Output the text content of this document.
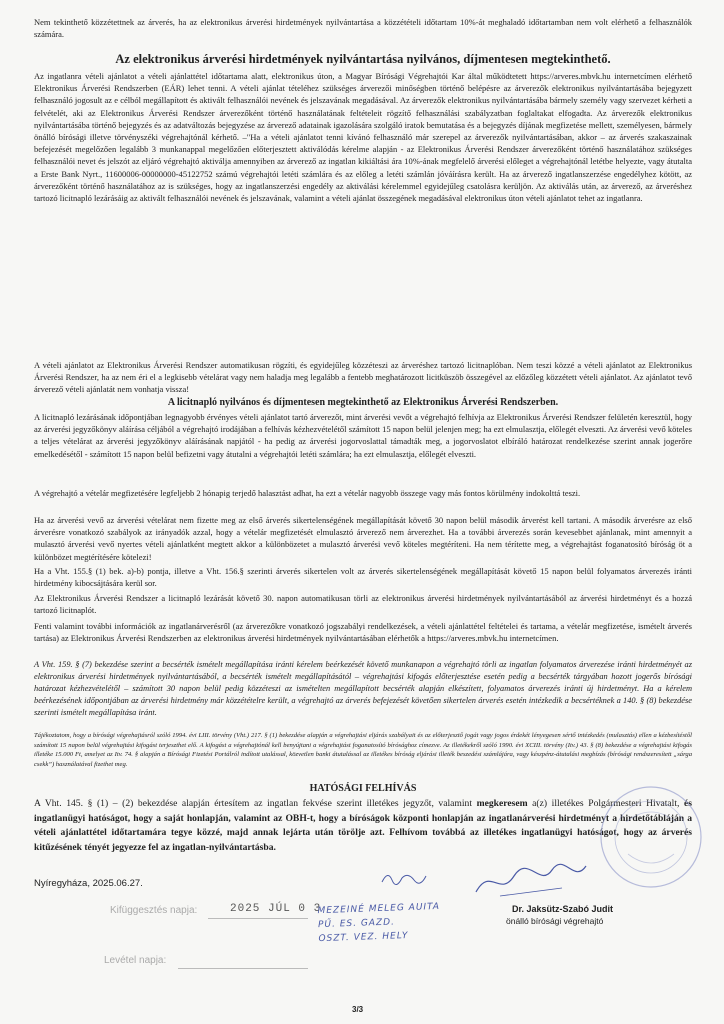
Nem tekinthető közzétettnek az árverés, ha az elektronikus árverési hirdetmények nyilvántartása a közzétételi időtartam 10%-át meghaladó időtartamban nem volt elérhető a felhasználók számára.

Az elektronikus árverési hirdetmények nyilvántartása nyilvános, díjmentesen megtekinthető.

Az ingatlanra vételi ajánlatot a vételi ajánlattétel időtartama alatt, elektronikus úton, a Magyar Bírósági Végrehajtói Kar által működtetett https://arveres.mbvk.hu internetcímen elérhető Elektronikus Árverési Rendszerben (EÁR) lehet tenni. A vételi ajánlat tételéhez szükséges árverezői minőségben történő belépésre az árverezők elektronikus nyilvántartásába bejegyzett felhasználó jogosult az e célból megállapított és aktivált felhasználói nevének és jelszavának megadásával. Az árverezők elektronikus nyilvántartásába bármely személy vagy szervezet kérheti a felvételét, aki az Elektronikus Árverési Rendszer árverezőként történő használatának feltételeit rögzítő felhasználási szabályzatban foglaltakat elfogadta. Az árverezők elektronikus nyilvántartásába történő bejegyzés és az adatváltozás bejegyzése az árverező adatainak igazolására szolgáló iratok bemutatása és a bejegyzés díjának megfizetése mellett, személyesen, bármely önálló bírósági illetve törvényszéki végrehajtónál kérhető. –"Ha a vételi ajánlatot tenni kívánó felhasználó már szerepel az árverezők nyilvántartásában, akkor – az árverés szakaszainak befejezését megelőzően legalább 3 munkanappal megelőzően előterjesztett aktiválódás kérelme alapján - az Elektronikus Árverési Rendszer árverezőként történő használatához szükséges felhasználói nevet és jelszót az eljáró végrehajtó aktiválja amennyiben az árverező az ingatlan kikiáltási ára 10%-ának megfelelő árverési előleget a végrehajtónál letétbe helyezte, vagy átutalta a Erste Bank Nyrt., 11600006-00000000-45122752 számú végrehajtói letéti számlára és az előleg a letéti számlán jóváírásra került. Ha az árverező ingatlanszerzése engedélyhez kötött, az árverezőként történő használatához az is szükséges, hogy az ingatlanszerzési engedély az aktiválási kérelemmel egyidejűleg csatolásra kerüljön. Az aktiválás után, az árverező, az árveréshez tartozó licitnapló lezárásáig az aktivált felhasználói nevének és jelszavának, valamint a vételi ajánlat összegének megadásával elektronikus úton vételi ajánlatot tehet az ingatlanra.

A vételi ajánlatot az Elektronikus Árverési Rendszer automatikusan rögzíti, és egyidejűleg közzéteszi az árveréshez tartozó licitnaplóban. Nem teszi közzé a vételi ajánlatot az Elektronikus Árverési Rendszer, ha az nem éri el a legkisebb vételárat vagy nem haladja meg legalább a fentebb meghatározott licitküszöb összegével az előzőleg közzétett vételi ajánlatot. Az ajánlatot tevő árverező vételi ajánlatát nem vonhatja vissza!

A licitnapló nyilvános és díjmentesen megtekinthető az Elektronikus Árverési Rendszerben.

A licitnapló lezárásának időpontjában legnagyobb érvényes vételi ajánlatot tartó árverezőt, mint árverési vevőt a végrehajtó felhívja az Elektronikus Árverési Rendszer felületén keresztül, hogy az árverési jegyzőkönyv aláírása céljából a végrehajtó irodájában a felhívás kézhezvételétől számított 15 napon belül jelenjen meg; ha ezt elmulasztja, előlegét elveszti. Az árverési vevő köteles a teljes vételárat az árverési jegyzőkönyv aláírásának napjától - ha pedig az árverési jogorvoslattal támadták meg, a jogorvoslatot elbíráló határozat rendelkezése szerint annak jogerőre emelkedésétől - számított 15 napon belül befizetni vagy átutalni a végrehajtói letéti számlára; ha ezt elmulasztja, előlegét elveszti.

A végrehajtó a vételár megfizetésére legfeljebb 2 hónapig terjedő halasztást adhat, ha ezt a vételár nagyobb összege vagy más fontos körülmény indokolttá teszi.

Ha az árverési vevő az árverési vételárat nem fizette meg az első árverés sikertelenségének megállapítását követő 30 napon belül második árverést kell tartani. A második árverésre az első árverésre vonatkozó szabályok az irányadók azzal, hogy a vételár megfizetését elmulasztó árverező nem árverezhet. Ha a további árverezés során kevesebbet ajánlanak, mint amennyit a mulasztó árverési vevő nyertes vételi ajánlatként megtett akkor a különbözetet a mulasztó árverési vevő köteles megtéríteni. Ha nem térítette meg, a végrehajtást foganatosító bíróság öt a különbözet megtérítésére kötelezi!

Ha a Vht. 155.§ (1) bek. a)-b) pontja, illetve a Vht. 156.§ szerinti árverés sikertelen volt az árverés sikertelenségének megállapítását követő 15 napon belül folyamatos árverezés iránti hirdetmény kibocsájtására kerül sor.

Az Elektronikus Árverési Rendszer a licitnapló lezárását követő 30. napon automatikusan törli az elektronikus árverési hirdetmények nyilvántartásából az árverési hirdetményt és a hozzá tartozó licitnaplót.

Fenti valamint további információk az ingatlanárverésről (az árverezőkre vonatkozó jogszabályi rendelkezések, a vételi ajánlattétel feltételei és tartama, a vételár megfizetése, ismételt árverés tartása) az Elektronikus Árverési Rendszerben az elektronikus árverési hirdetmények nyilvántartásában elérhetők a https://arveres.mbvk.hu internetcímen.

A Vht. 159. § (7) bekezdése szerint a becsérték ismételt megállapítása iránti kérelem beérkezését követő munkanapon a végrehajtó törli az ingatlan folyamatos árverezése iránti hirdetményét az elektronikus árverési hirdetmények nyilvántartásából, a becsérték ismételt megállapításától – végrehajtási kifogás előterjesztése esetén pedig a becsérték tárgyában hozott jogerős bírósági határozat kézhezvételétől – számított 30 napon belül pedig közzéteszi az ismételten megállapított becsérték alapján elkészített, folyamatos árverezés iránti új hirdetményt. Ha a kérelem beérkezésének időpontjában az árverési hirdetmény már közzétételre került, a végrehajtó az árverés befejezését követően sikertelen árverés esetén intézkedik a becsértéknek a 140. § (8) bekezdése szerinti ismételt megállapítása iránt.

Tájékoztatom, hogy a bírósági végrehajtásról szóló 1994. évi LIII. törvény (Vht.) 217. § (1) bekezdése alapján a végrehajtási eljárás szabályait és az előterjesztő jogát vagy jogos érdekét lényegesen sértő intézkedés (mulasztás) ellen a kézbesítéstől számított 15 napon belül végrehajtási kifogást terjeszthet elő. A kifogást a végrehajtónál kell benyújtani a végrehajtást foganatosító bírósághoz címezve. Az illetékekről szóló 1990. évi XCIII. törvény (Itv.) 43. § (8) bekezdése a végrehajtási kifogás illetéke 15.000 Ft, amelyet az Itv. 74. § alapján a Bírósági Fizetési Portálról indított utalással, közvetlen banki átutalással az illetékes bíróság eljárási illeték beszedési számlájára, vagy készpénz-átutalási megbízás (bírósági rendszeresített „sárga csekk”) használatával fizethet meg.

HATÓSÁGI FELHÍVÁS

A Vht. 145. § (1) – (2) bekezdése alapján értesítem az ingatlan fekvése szerint illetékes jegyzőt, valamint megkeresem a(z) illetékes Polgármesteri Hivatalt, és ingatlanügyi hatóságot, hogy a saját honlapján, valamint az OBH-t, hogy a bíróságok központi honlapján az ingatlanárverési hirdetményt a hirdetőtábláján a vételi ajánlattétel időtartamára tegye közzé, majd annak lejárta után törölje azt. Felhívom továbbá az illetékes ingatlanügyi hatóságot, hogy az árverés kitűzésének tényét jegyezze fel az ingatlan-nyilvántartásba.

Nyíregyháza, 2025.06.27.
Dr. Jaksütz-Szabó Judit
önálló bírósági végrehajtó
Kifüggesztés napja:	2025 JÚL 0 3
MEZEINÉ MELEG AUITA
PŰ. ES. GAZD.
OSZT. VEZ. HELY
Levétel napja:
3/3
